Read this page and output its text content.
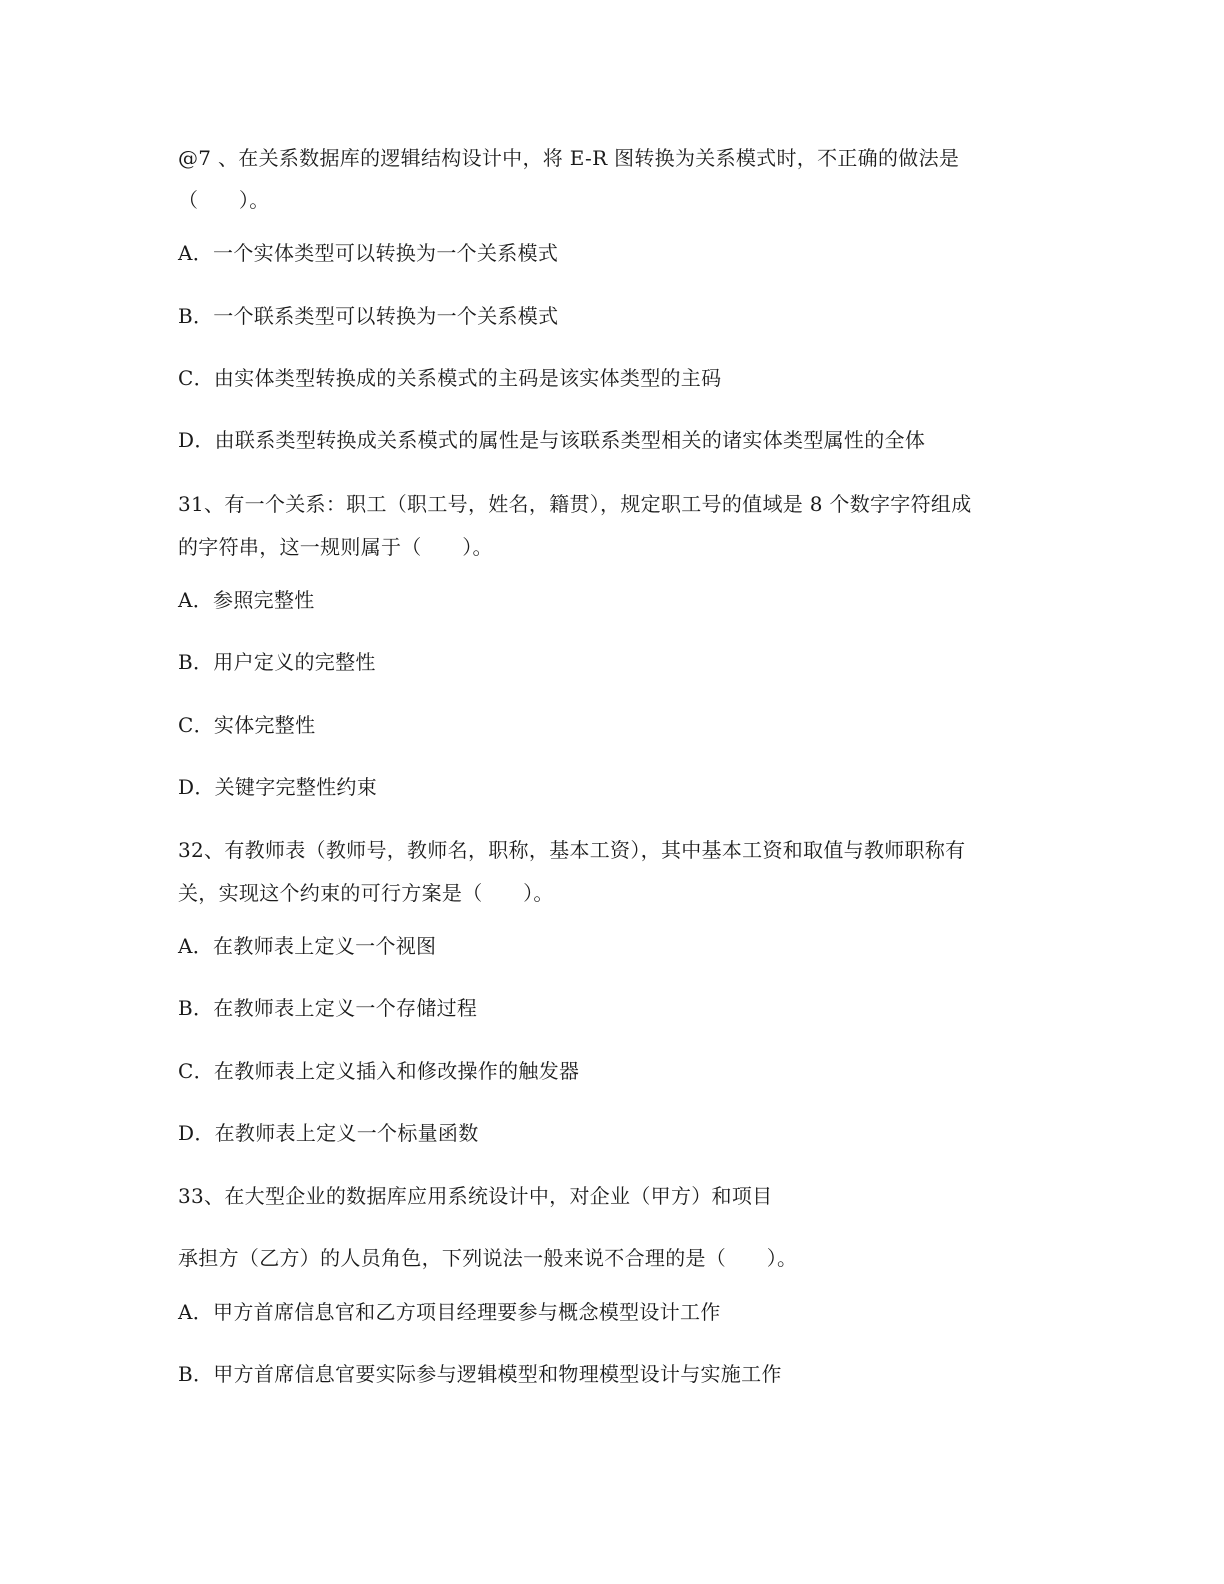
@7 、在关系数据库的逻辑结构设计中，将 E-R 图转换为关系模式时，不正确的做法是
（　　）。
A．一个实体类型可以转换为一个关系模式
B．一个联系类型可以转换为一个关系模式
C．由实体类型转换成的关系模式的主码是该实体类型的主码
D．由联系类型转换成关系模式的属性是与该联系类型相关的诸实体类型属性的全体
31、有一个关系：职工（职工号，姓名，籍贯），规定职工号的值域是 8 个数字字符组成
的字符串，这一规则属于（　　）。
A．参照完整性
B．用户定义的完整性
C．实体完整性
D．关键字完整性约束
32、有教师表（教师号，教师名，职称，基本工资），其中基本工资和取值与教师职称有
关，实现这个约束的可行方案是（　　）。
A．在教师表上定义一个视图
B．在教师表上定义一个存储过程
C．在教师表上定义插入和修改操作的触发器
D．在教师表上定义一个标量函数
33、在大型企业的数据库应用系统设计中，对企业（甲方）和项目
承担方（乙方）的人员角色，下列说法一般来说不合理的是（　　）。
A．甲方首席信息官和乙方项目经理要参与概念模型设计工作
B．甲方首席信息官要实际参与逻辑模型和物理模型设计与实施工作
